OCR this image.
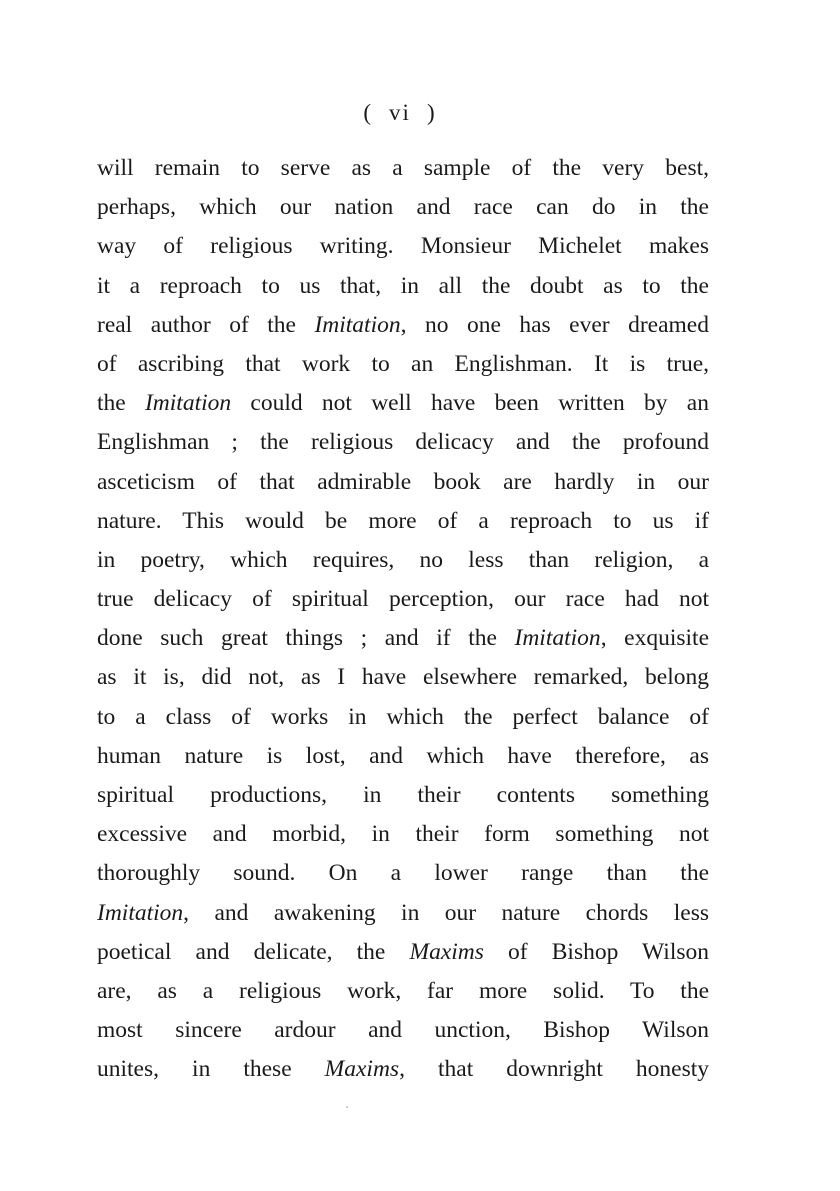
( vi )
will remain to serve as a sample of the very best,
perhaps, which our nation and race can do in the
way of religious writing. Monsieur Michelet makes
it a reproach to us that, in all the doubt as to the
real author of the Imitation, no one has ever dreamed
of ascribing that work to an Englishman. It is true,
the Imitation could not well have been written by an
Englishman ; the religious delicacy and the profound
asceticism of that admirable book are hardly in our
nature. This would be more of a reproach to us if
in poetry, which requires, no less than religion, a
true delicacy of spiritual perception, our race had not
done such great things ; and if the Imitation, exquisite
as it is, did not, as I have elsewhere remarked, belong
to a class of works in which the perfect balance of
human nature is lost, and which have therefore, as
spiritual productions, in their contents something
excessive and morbid, in their form something not
thoroughly sound. On a lower range than the
Imitation, and awakening in our nature chords less
poetical and delicate, the Maxims of Bishop Wilson
are, as a religious work, far more solid. To the
most sincere ardour and unction, Bishop Wilson
unites, in these Maxims, that downright honesty
